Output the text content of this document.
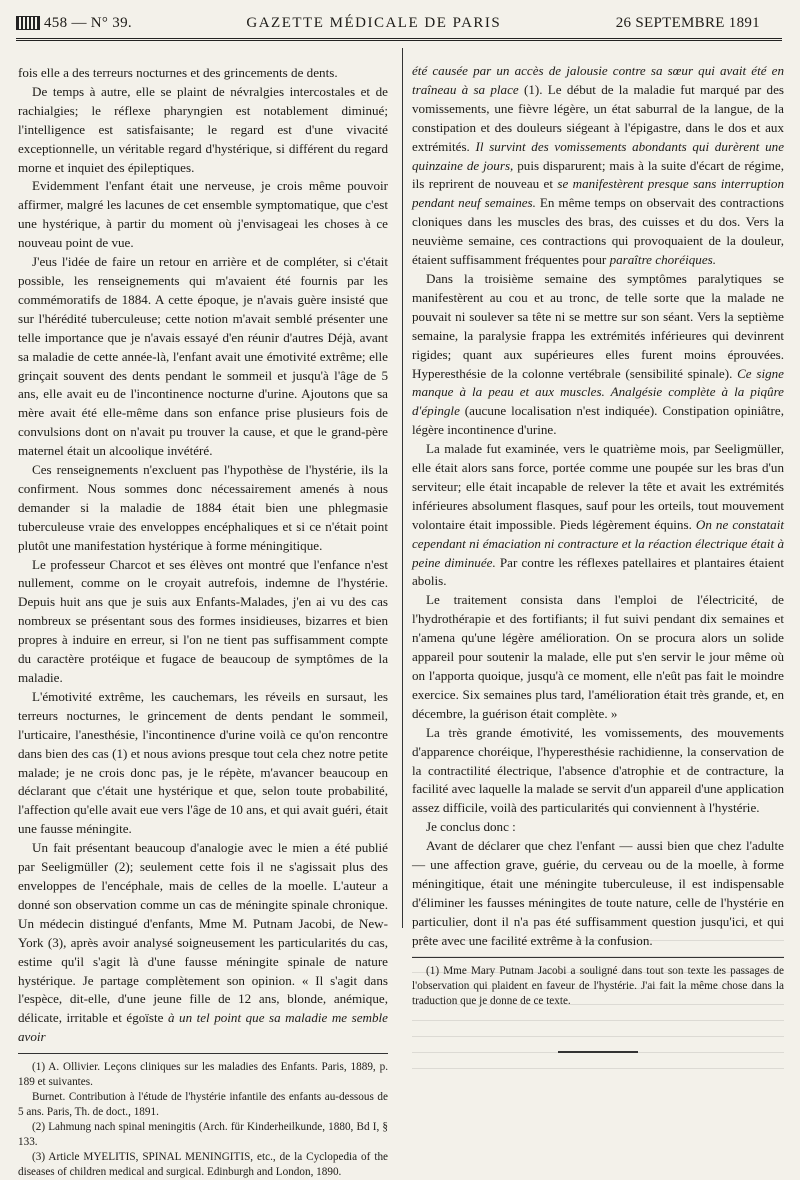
458 — N° 39.	GAZETTE MÉDICALE DE PARIS	26 SEPTEMBRE 1891

fois elle a des terreurs nocturnes et des grincements de dents.

De temps à autre, elle se plaint de névralgies intercostales et de rachialgies; le réflexe pharyngien est notablement diminué; l'intelligence est satisfaisante; le regard est d'une vivacité exceptionnelle, un véritable regard d'hystérique, si différent du regard morne et inquiet des épileptiques.

Evidemment l'enfant était une nerveuse, je crois même pouvoir affirmer, malgré les lacunes de cet ensemble symptomatique, que c'est une hystérique, à partir du moment où j'envisageai les choses à ce nouveau point de vue.

J'eus l'idée de faire un retour en arrière et de compléter, si c'était possible, les renseignements qui m'avaient été fournis par les commémoratifs de 1884. A cette époque, je n'avais guère insisté que sur l'hérédité tuberculeuse; cette notion m'avait semblé présenter une telle importance que je n'avais essayé d'en réunir d'autres Déjà, avant sa maladie de cette année-là, l'enfant avait une émotivité extrême; elle grinçait souvent des dents pendant le sommeil et jusqu'à l'âge de 5 ans, elle avait eu de l'incontinence nocturne d'urine. Ajoutons que sa mère avait été elle-même dans son enfance prise plusieurs fois de convulsions dont on n'avait pu trouver la cause, et que le grand-père maternel était un alcoolique invétéré.

Ces renseignements n'excluent pas l'hypothèse de l'hystérie, ils la confirment. Nous sommes donc nécessairement amenés à nous demander si la maladie de 1884 était bien une phlegmasie tuberculeuse vraie des enveloppes encéphaliques et si ce n'était point plutôt une manifestation hystérique à forme méningitique.

Le professeur Charcot et ses élèves ont montré que l'enfance n'est nullement, comme on le croyait autrefois, indemne de l'hystérie. Depuis huit ans que je suis aux Enfants-Malades, j'en ai vu des cas nombreux se présentant sous des formes insidieuses, bizarres et bien propres à induire en erreur, si l'on ne tient pas suffisamment compte du caractère protéique et fugace de beaucoup de symptômes de la maladie.

L'émotivité extrême, les cauchemars, les réveils en sursaut, les terreurs nocturnes, le grincement de dents pendant le sommeil, l'urticaire, l'anesthésie, l'incontinence d'urine voilà ce qu'on rencontre dans bien des cas (1) et nous avions presque tout cela chez notre petite malade; je ne crois donc pas, je le répète, m'avancer beaucoup en déclarant que c'était une hystérique et que, selon toute probabilité, l'affection qu'elle avait eue vers l'âge de 10 ans, et qui avait guéri, était une fausse méningite.

Un fait présentant beaucoup d'analogie avec le mien a été publié par Seeligmüller (2); seulement cette fois il ne s'agissait plus des enveloppes de l'encéphale, mais de celles de la moelle. L'auteur a donné son observation comme un cas de méningite spinale chronique. Un médecin distingué d'enfants, Mme M. Putnam Jacobi, de New-York (3), après avoir analysé soigneusement les particularités du cas, estime qu'il s'agit là d'une fausse méningite spinale de nature hystérique. Je partage complètement son opinion. « Il s'agit dans l'espèce, dit-elle, d'une jeune fille de 12 ans, blonde, anémique, délicate, irritable et égoïste à un tel point que sa maladie me semble avoir

(1) A. Ollivier. Leçons cliniques sur les maladies des Enfants. Paris, 1889, p. 189 et suivantes.

Burnet. Contribution à l'étude de l'hystérie infantile des enfants au-dessous de 5 ans. Paris, Th. de doct., 1891.

(2) Lahmung nach spinal meningitis (Arch. für Kinderheilkunde, 1880, Bd I, § 133.

(3) Article MYELITIS, SPINAL MENINGITIS, etc., de la Cyclopedia of the diseases of children medical and surgical. Edinburgh and London, 1890.

été causée par un accès de jalousie contre sa sœur qui avait été en traîneau à sa place (1). Le début de la maladie fut marqué par des vomissements, une fièvre légère, un état saburral de la langue, de la constipation et des douleurs siégeant à l'épigastre, dans le dos et aux extrémités. Il survint des vomissements abondants qui durèrent une quinzaine de jours, puis disparurent; mais à la suite d'écart de régime, ils reprirent de nouveau et se manifestèrent presque sans interruption pendant neuf semaines. En même temps on observait des contractions cloniques dans les muscles des bras, des cuisses et du dos. Vers la neuvième semaine, ces contractions qui provoquaient de la douleur, étaient suffisamment fréquentes pour paraître choréiques.

Dans la troisième semaine des symptômes paralytiques se manifestèrent au cou et au tronc, de telle sorte que la malade ne pouvait ni soulever sa tête ni se mettre sur son séant. Vers la septième semaine, la paralysie frappa les extrémités inférieures qui devinrent rigides; quant aux supérieures elles furent moins éprouvées. Hyperesthésie de la colonne vertébrale (sensibilité spinale). Ce signe manque à la peau et aux muscles. Analgésie complète à la piqûre d'épingle (aucune localisation n'est indiquée). Constipation opiniâtre, légère incontinence d'urine.

La malade fut examinée, vers le quatrième mois, par Seeligmüller, elle était alors sans force, portée comme une poupée sur les bras d'un serviteur; elle était incapable de relever la tête et avait les extrémités inférieures absolument flasques, sauf pour les orteils, tout mouvement volontaire était impossible. Pieds légèrement équins. On ne constatait cependant ni émaciation ni contracture et la réaction électrique était à peine diminuée. Par contre les réflexes patellaires et plantaires étaient abolis.

Le traitement consista dans l'emploi de l'électricité, de l'hydrothérapie et des fortifiants; il fut suivi pendant dix semaines et n'amena qu'une légère amélioration. On se procura alors un solide appareil pour soutenir la malade, elle put s'en servir le jour même où on l'apporta quoique, jusqu'à ce moment, elle n'eût pas fait le moindre exercice. Six semaines plus tard, l'amélioration était très grande, et, en décembre, la guérison était complète. »

La très grande émotivité, les vomissements, des mouvements d'apparence choréique, l'hyperesthésie rachidienne, la conservation de la contractilité électrique, l'absence d'atrophie et de contracture, la facilité avec laquelle la malade se servit d'un appareil d'une application assez difficile, voilà des particularités qui conviennent à l'hystérie.

Je conclus donc :

Avant de déclarer que chez l'enfant — aussi bien que chez l'adulte — une affection grave, guérie, du cerveau ou de la moelle, à forme méningitique, était une méningite tuberculeuse, il est indispensable d'éliminer les fausses méningites de toute nature, celle de l'hystérie en particulier, dont il n'a pas été suffisamment question jusqu'ici, et qui prête avec une facilité extrême à la confusion.

(1) Mme Mary Putnam Jacobi a souligné dans tout son texte les passages de l'observation qui plaident en faveur de l'hystérie. J'ai fait la même chose dans la traduction que je donne de ce texte.
